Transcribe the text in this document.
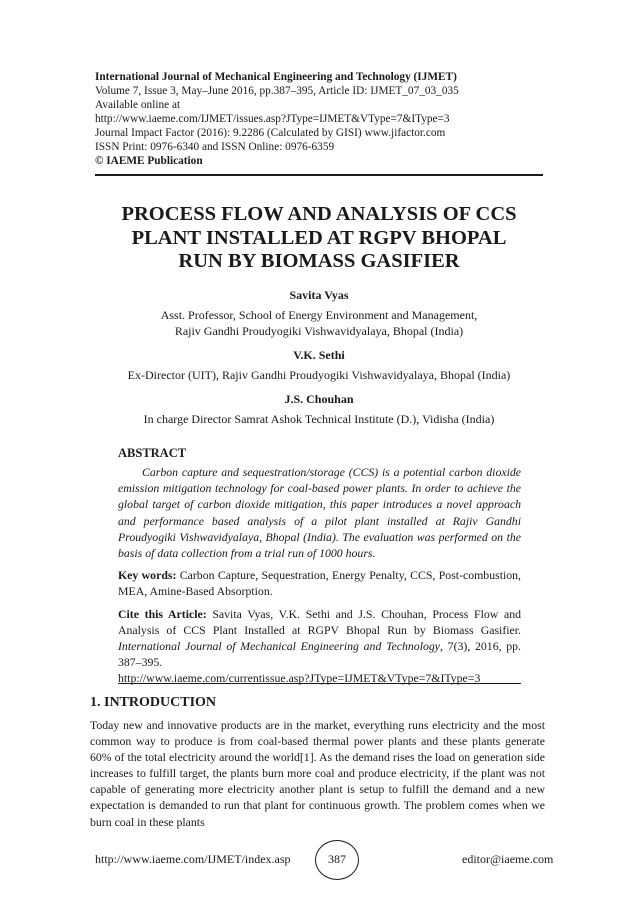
International Journal of Mechanical Engineering and Technology (IJMET)
Volume 7, Issue 3, May–June 2016, pp.387–395, Article ID: IJMET_07_03_035
Available online at
http://www.iaeme.com/IJMET/issues.asp?JType=IJMET&VType=7&IType=3
Journal Impact Factor (2016): 9.2286 (Calculated by GISI) www.jifactor.com
ISSN Print: 0976-6340 and ISSN Online: 0976-6359
© IAEME Publication
PROCESS FLOW AND ANALYSIS OF CCS
PLANT INSTALLED AT RGPV BHOPAL
RUN BY BIOMASS GASIFIER
Savita Vyas
Asst. Professor, School of Energy Environment and Management,
Rajiv Gandhi Proudyogiki Vishwavidyalaya, Bhopal (India)
V.K. Sethi
Ex-Director (UIT), Rajiv Gandhi Proudyogiki Vishwavidyalaya, Bhopal (India)
J.S. Chouhan
In charge Director Samrat Ashok Technical Institute (D.), Vidisha (India)
ABSTRACT
Carbon capture and sequestration/storage (CCS) is a potential carbon dioxide emission mitigation technology for coal-based power plants. In order to achieve the global target of carbon dioxide mitigation, this paper introduces a novel approach and performance based analysis of a pilot plant installed at Rajiv Gandhi Proudyogiki Vishwavidyalaya, Bhopal (India). The evaluation was performed on the basis of data collection from a trial run of 1000 hours.
Key words: Carbon Capture, Sequestration, Energy Penalty, CCS, Post-combustion, MEA, Amine-Based Absorption.
Cite this Article: Savita Vyas, V.K. Sethi and J.S. Chouhan, Process Flow and Analysis of CCS Plant Installed at RGPV Bhopal Run by Biomass Gasifier. International Journal of Mechanical Engineering and Technology, 7(3), 2016, pp. 387–395.
http://www.iaeme.com/currentissue.asp?JType=IJMET&VType=7&IType=3
1. INTRODUCTION
Today new and innovative products are in the market, everything runs electricity and the most common way to produce is from coal-based thermal power plants and these plants generate 60% of the total electricity around the world[1]. As the demand rises the load on generation side increases to fulfill target, the plants burn more coal and produce electricity, if the plant was not capable of generating more electricity another plant is setup to fulfill the demand and a new expectation is demanded to run that plant for continuous growth. The problem comes when we burn coal in these plants
http://www.iaeme.com/IJMET/index.asp	387	editor@iaeme.com
